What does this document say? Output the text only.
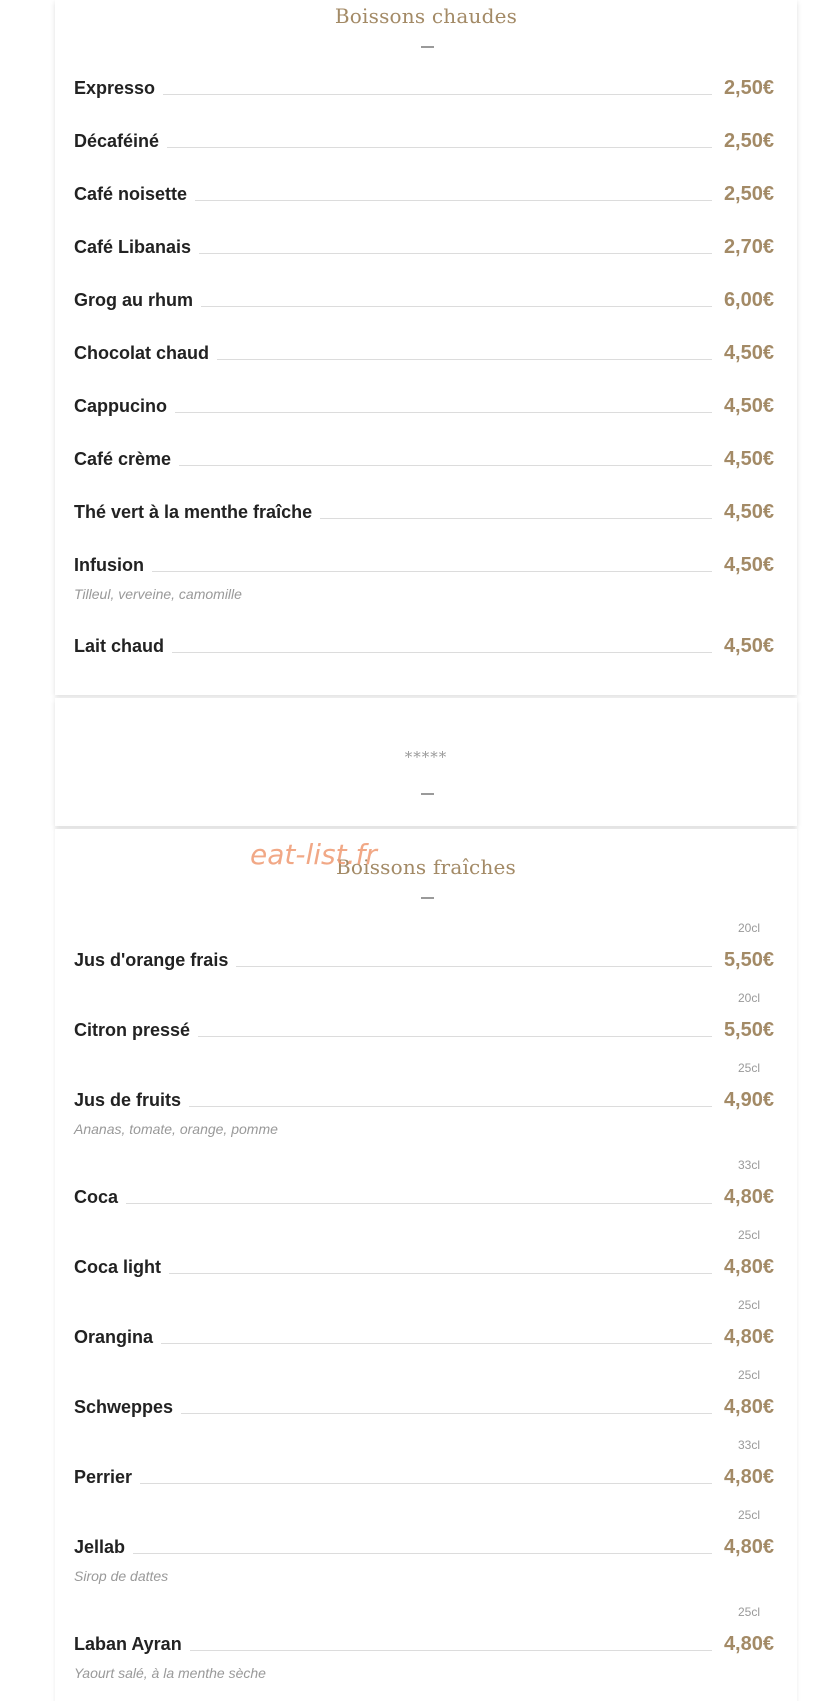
Boissons chaudes
Expresso	2,50€
Décaféiné	2,50€
Café noisette	2,50€
Café Libanais	2,70€
Grog au rhum	6,00€
Chocolat chaud	4,50€
Cappucino	4,50€
Café crème	4,50€
Thé vert à la menthe fraîche	4,50€
Infusion	4,50€
Tilleul, verveine, camomille
Lait chaud	4,50€
*****
Boissons fraîches
20cl
Jus d'orange frais	5,50€
20cl
Citron pressé	5,50€
25cl
Jus de fruits	4,90€
Ananas, tomate, orange, pomme
33cl
Coca	4,80€
25cl
Coca light	4,80€
25cl
Orangina	4,80€
25cl
Schweppes	4,80€
33cl
Perrier	4,80€
25cl
Jellab	4,80€
Sirop de dattes
25cl
Laban Ayran	4,80€
Yaourt salé, à la menthe sèche
eat-list.fr
